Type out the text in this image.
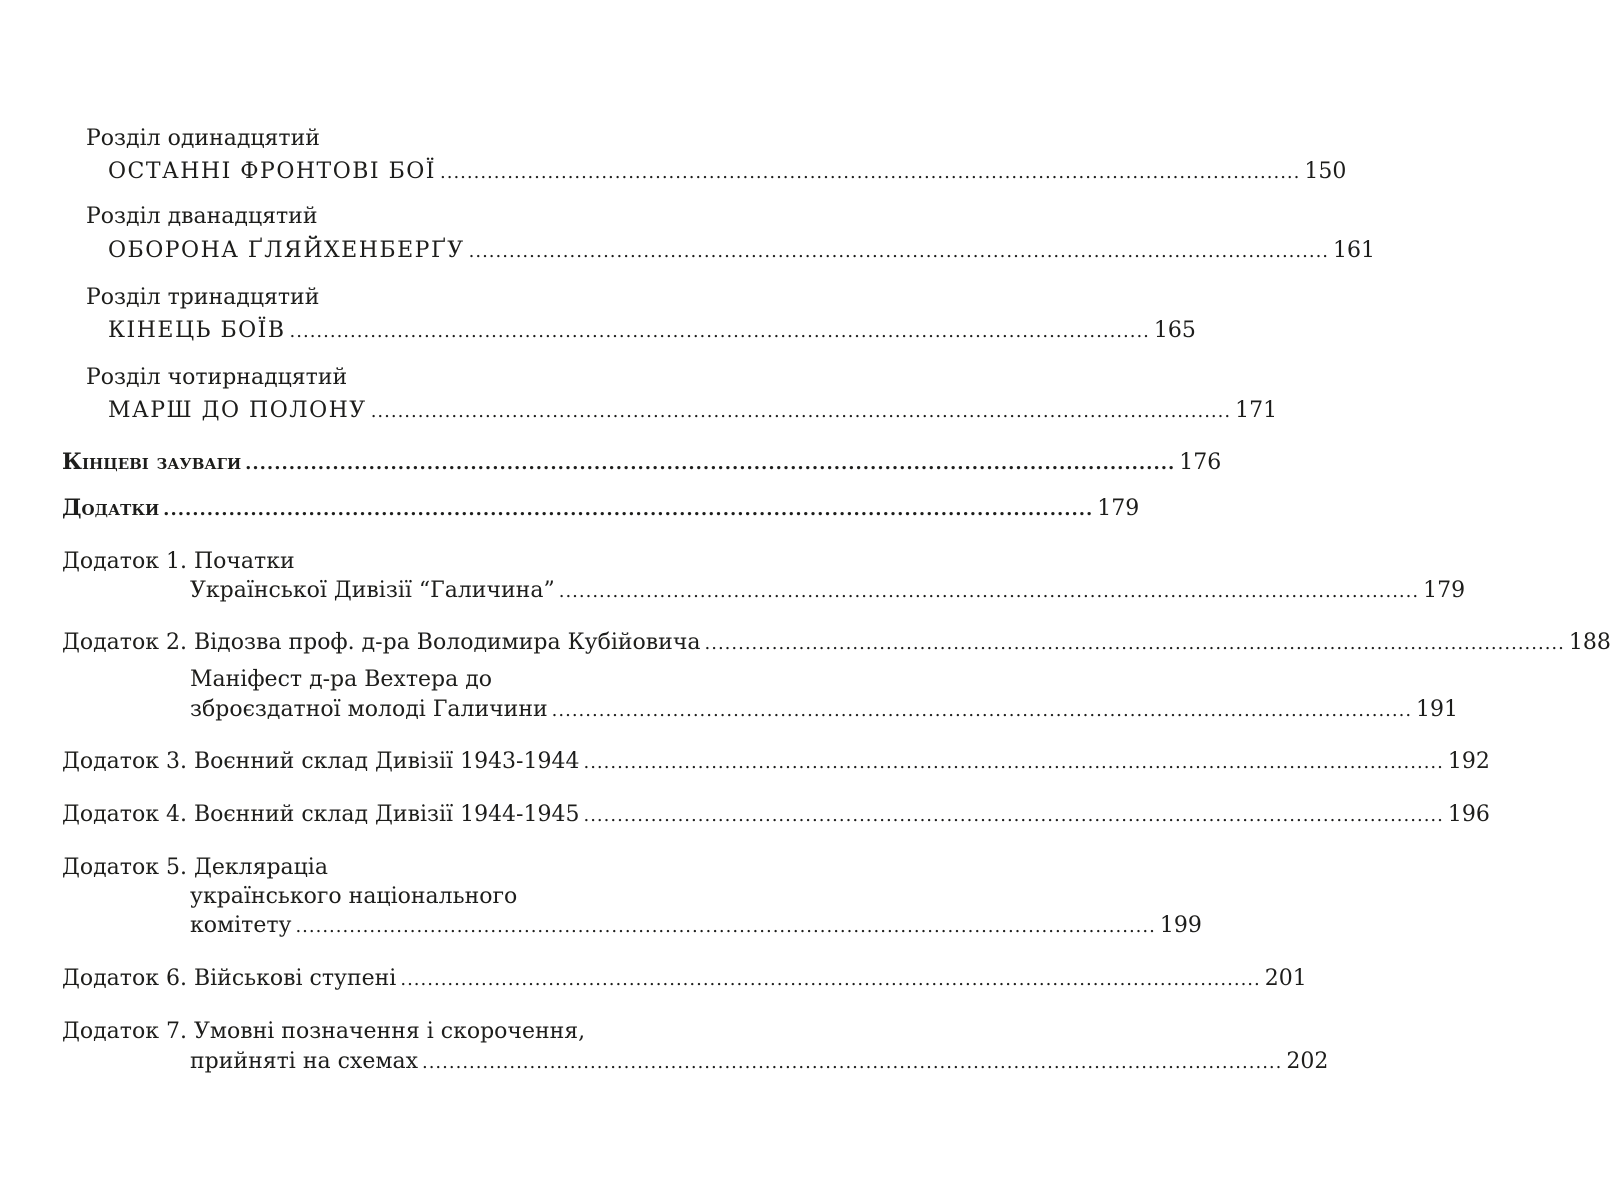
Розділ одинадцятий
ОСТАННІ ФРОНТОВІ БОЇ ................................................................................................................................ 150
Розділ дванадцятий
ОБОРОНА ҐЛЯЙХЕНБЕРҐУ ................................................................................................................................ 161
Розділ тринадцятий
КІНЕЦЬ БОЇВ ................................................................................................................................ 165
Розділ чотирнадцятий
МАРШ ДО ПОЛОНУ ................................................................................................................................ 171
Кінцеві зауваги ................................................................................................................................ 176
Додатки ................................................................................................................................ 179
Додаток 1. Початки
Української Дивізії “Галичина” ................................................................................................................................ 179
Додаток 2. Відозва проф. д-ра Володимира Кубійовича ................................................................................................................................ 188
Маніфест д-ра Вехтера до
зброєздатної молоді Галичини ................................................................................................................................ 191
Додаток 3. Воєнний склад Дивізії 1943-1944 ................................................................................................................................ 192
Додаток 4. Воєнний склад Дивізії 1944-1945 ................................................................................................................................ 196
Додаток 5. Декляраціa
українського національного
комітету ................................................................................................................................ 199
Додаток 6. Військові ступені ................................................................................................................................ 201
Додаток 7. Умовні позначення і скорочення,
прийняті на схемах ................................................................................................................................ 202
